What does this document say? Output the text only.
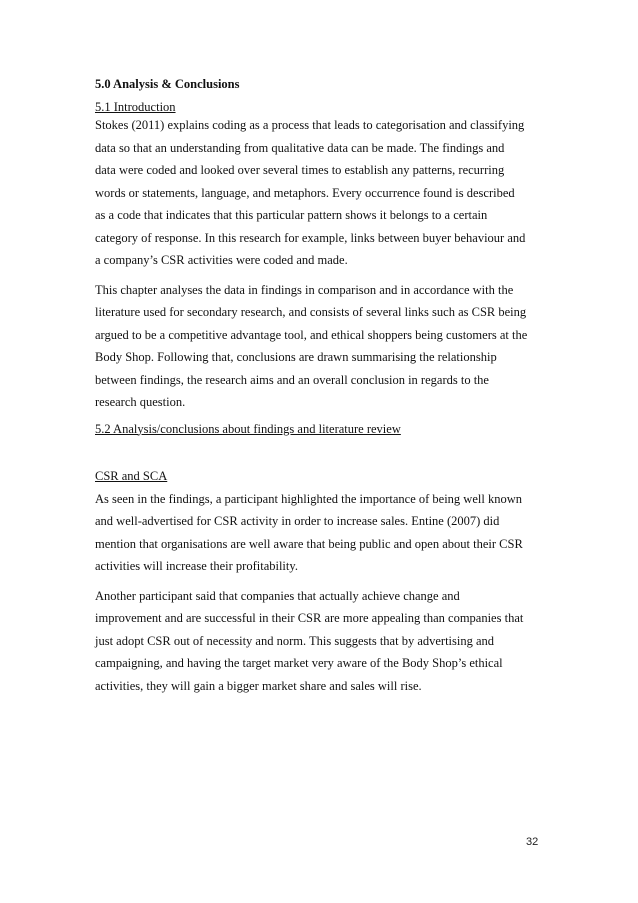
5.0 Analysis & Conclusions
5.1 Introduction
Stokes (2011) explains coding as a process that leads to categorisation and classifying
data so that an understanding from qualitative data can be made. The findings and
data were coded and looked over several times to establish any patterns, recurring
words or statements, language, and metaphors. Every occurrence found is described
as a code that indicates that this particular pattern shows it belongs to a certain
category of response. In this research for example, links between buyer behaviour and
a company’s CSR activities were coded and made.
This chapter analyses the data in findings in comparison and in accordance with the
literature used for secondary research, and consists of several links such as CSR being
argued to be a competitive advantage tool, and ethical shoppers being customers at the
Body Shop. Following that, conclusions are drawn summarising the relationship
between findings, the research aims and an overall conclusion in regards to the
research question.
5.2 Analysis/conclusions about findings and literature review
CSR and SCA
As seen in the findings, a participant highlighted the importance of being well known
and well-advertised for CSR activity in order to increase sales. Entine (2007) did
mention that organisations are well aware that being public and open about their CSR
activities will increase their profitability.
Another participant said that companies that actually achieve change and
improvement and are successful in their CSR are more appealing than companies that
just adopt CSR out of necessity and norm. This suggests that by advertising and
campaigning, and having the target market very aware of the Body Shop’s ethical
activities, they will gain a bigger market share and sales will rise.
32
